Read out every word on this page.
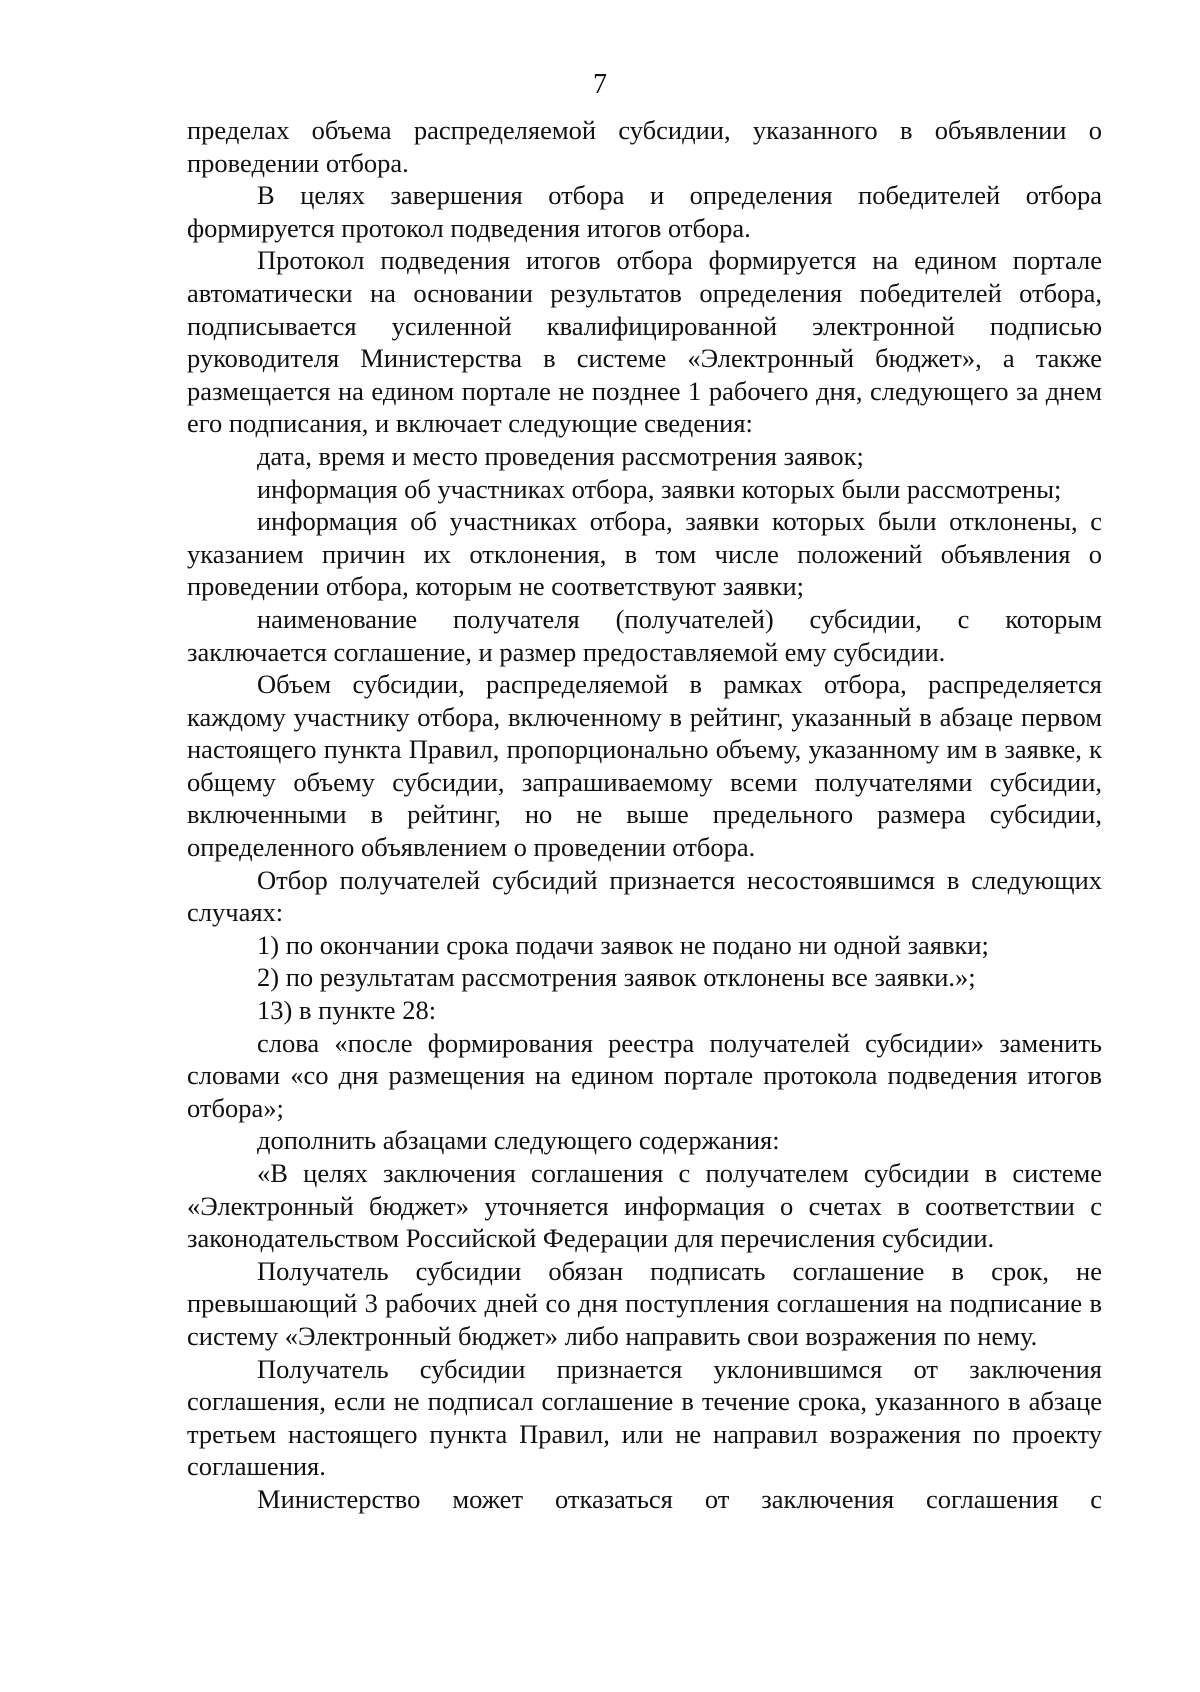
7

пределах объема распределяемой субсидии, указанного в объявлении о проведении отбора.

В целях завершения отбора и определения победителей отбора формируется протокол подведения итогов отбора.

Протокол подведения итогов отбора формируется на едином портале автоматически на основании результатов определения победителей отбора, подписывается усиленной квалифицированной электронной подписью руководителя Министерства в системе «Электронный бюджет», а также размещается на едином портале не позднее 1 рабочего дня, следующего за днем его подписания, и включает следующие сведения:

дата, время и место проведения рассмотрения заявок;

информация об участниках отбора, заявки которых были рассмотрены;

информация об участниках отбора, заявки которых были отклонены, с указанием причин их отклонения, в том числе положений объявления о проведении отбора, которым не соответствуют заявки;

наименование получателя (получателей) субсидии, с которым заключается соглашение, и размер предоставляемой ему субсидии.

Объем субсидии, распределяемой в рамках отбора, распределяется каждому участнику отбора, включенному в рейтинг, указанный в абзаце первом настоящего пункта Правил, пропорционально объему, указанному им в заявке, к общему объему субсидии, запрашиваемому всеми получателями субсидии, включенными в рейтинг, но не выше предельного размера субсидии, определенного объявлением о проведении отбора.

Отбор получателей субсидий признается несостоявшимся в следующих случаях:

1) по окончании срока подачи заявок не подано ни одной заявки;

2) по результатам рассмотрения заявок отклонены все заявки.»;

13) в пункте 28:

слова «после формирования реестра получателей субсидии» заменить словами «со дня размещения на едином портале протокола подведения итогов отбора»;

дополнить абзацами следующего содержания:

«В целях заключения соглашения с получателем субсидии в системе «Электронный бюджет» уточняется информация о счетах в соответствии с законодательством Российской Федерации для перечисления субсидии.

Получатель субсидии обязан подписать соглашение в срок, не превышающий 3 рабочих дней со дня поступления соглашения на подписание в систему «Электронный бюджет» либо направить свои возражения по нему.

Получатель субсидии признается уклонившимся от заключения соглашения, если не подписал соглашение в течение срока, указанного в абзаце третьем настоящего пункта Правил, или не направил возражения по проекту соглашения.

Министерство может отказаться от заключения соглашения с
